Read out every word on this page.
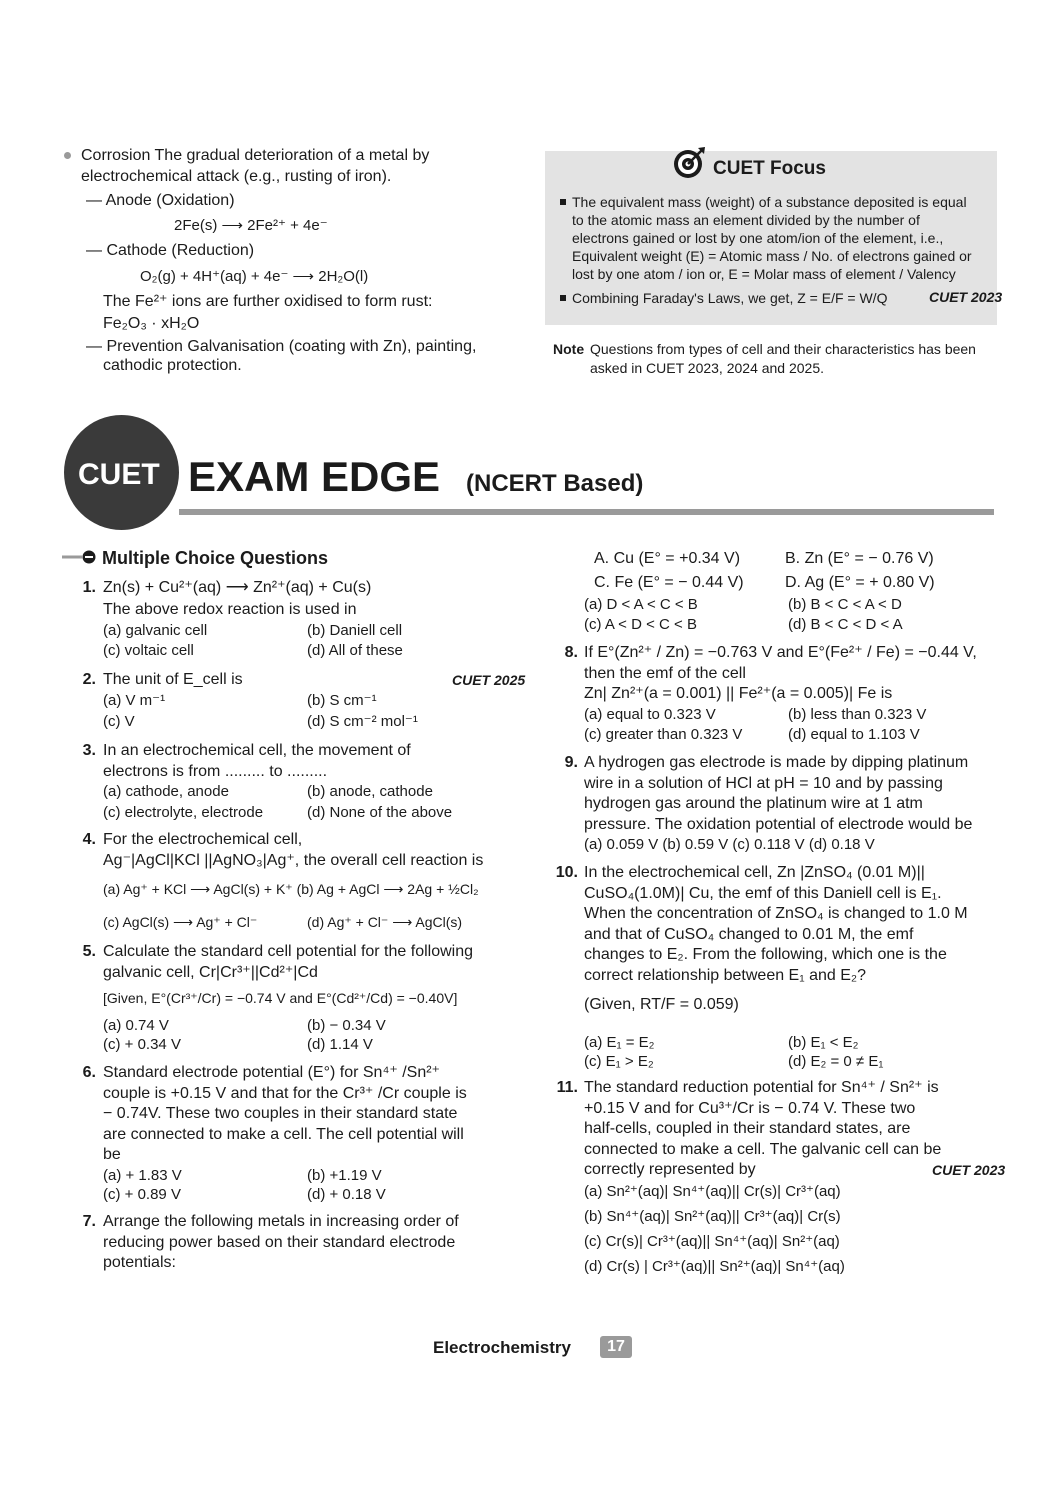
Corrosion The gradual deterioration of a metal by
electrochemical attack (e.g., rusting of iron).
— Anode (Oxidation)
2Fe(s) ⟶ 2Fe²⁺ + 4e⁻
— Cathode (Reduction)
O₂(g) + 4H⁺(aq) + 4e⁻ ⟶ 2H₂O(l)
The Fe²⁺ ions are further oxidised to form rust:
Fe₂O₃ · xH₂O
— Prevention Galvanisation (coating with Zn), painting,
cathodic protection.
CUET Focus
The equivalent mass (weight) of a substance deposited is equal
to the atomic mass an element divided by the number of
electrons gained or lost by one atom/ion of the element, i.e.,
Equivalent weight (E) = Atomic mass / No. of electrons gained or
lost by one atom / ion or, E = Molar mass of element / Valency
Combining Faraday's Laws, we get, Z = E/F = W/Q	CUET 2023
Note Questions from types of cell and their characteristics has been
asked in CUET 2023, 2024 and 2025.
CUET EXAM EDGE (NCERT Based)
Multiple Choice Questions
1. Zn(s) + Cu²⁺(aq) ⟶ Zn²⁺(aq) + Cu(s)
The above redox reaction is used in
(a) galvanic cell	(b) Daniell cell
(c) voltaic cell	(d) All of these
2. The unit of E_cell is	CUET 2025
(a) V m⁻¹	(b) S cm⁻¹
(c) V	(d) S cm⁻² mol⁻¹
3. In an electrochemical cell, the movement of
electrons is from ......... to .........
(a) cathode, anode	(b) anode, cathode
(c) electrolyte, electrode	(d) None of the above
4. For the electrochemical cell,
Ag⁻|AgCl|KCl ||AgNO₃|Ag⁺, the overall cell reaction is
(a) Ag⁺ + KCl ⟶ AgCl(s) + K⁺ (b) Ag + AgCl ⟶ 2Ag + ½Cl₂
(c) AgCl(s) ⟶ Ag⁺ + Cl⁻	(d) Ag⁺ + Cl⁻ ⟶ AgCl(s)
5. Calculate the standard cell potential for the following
galvanic cell, Cr|Cr³⁺||Cd²⁺|Cd
[Given, E°(Cr³⁺/Cr) = −0.74 V and E°(Cd²⁺/Cd) = −0.40V]
(a) 0.74 V	(b) − 0.34 V
(c) + 0.34 V	(d) 1.14 V
6. Standard electrode potential (E°) for Sn⁴⁺ /Sn²⁺
couple is +0.15 V and that for the Cr³⁺ /Cr couple is
− 0.74V. These two couples in their standard state
are connected to make a cell. The cell potential will
be
(a) + 1.83 V	(b) +1.19 V
(c) + 0.89 V	(d) + 0.18 V
7. Arrange the following metals in increasing order of
reducing power based on their standard electrode
potentials:
A. Cu (E° = +0.34 V)	B. Zn (E° = − 0.76 V)
C. Fe (E° = − 0.44 V)	D. Ag (E° = + 0.80 V)
(a) D < A < C < B	(b) B < C < A < D
(c) A < D < C < B	(d) B < C < D < A
8. If E°(Zn²⁺ / Zn) = −0.763 V and E°(Fe²⁺ / Fe) = −0.44 V,
then the emf of the cell
Zn| Zn²⁺(a = 0.001) || Fe²⁺(a = 0.005)| Fe is
(a) equal to 0.323 V	(b) less than 0.323 V
(c) greater than 0.323 V	(d) equal to 1.103 V
9. A hydrogen gas electrode is made by dipping platinum
wire in a solution of HCl at pH = 10 and by passing
hydrogen gas around the platinum wire at 1 atm
pressure. The oxidation potential of electrode would be
(a) 0.059 V (b) 0.59 V (c) 0.118 V (d) 0.18 V
10. In the electrochemical cell, Zn |ZnSO₄ (0.01 M)||
CuSO₄(1.0M)| Cu, the emf of this Daniell cell is E₁.
When the concentration of ZnSO₄ is changed to 1.0 M
and that of CuSO₄ changed to 0.01 M, the emf
changes to E₂. From the following, which one is the
correct relationship between E₁ and E₂?
(Given, RT/F = 0.059)
(a) E₁ = E₂	(b) E₁ < E₂
(c) E₁ > E₂	(d) E₂ = 0 ≠ E₁
11. The standard reduction potential for Sn⁴⁺ / Sn²⁺ is
+0.15 V and for Cu³⁺/Cr is − 0.74 V. These two
half-cells, coupled in their standard states, are
connected to make a cell. The galvanic cell can be
correctly represented by	CUET 2023
(a) Sn²⁺(aq)| Sn⁴⁺(aq)|| Cr(s)| Cr³⁺(aq)
(b) Sn⁴⁺(aq)| Sn²⁺(aq)|| Cr³⁺(aq)| Cr(s)
(c) Cr(s)| Cr³⁺(aq)|| Sn⁴⁺(aq)| Sn²⁺(aq)
(d) Cr(s) | Cr³⁺(aq)|| Sn²⁺(aq)| Sn⁴⁺(aq)
Electrochemistry	17
